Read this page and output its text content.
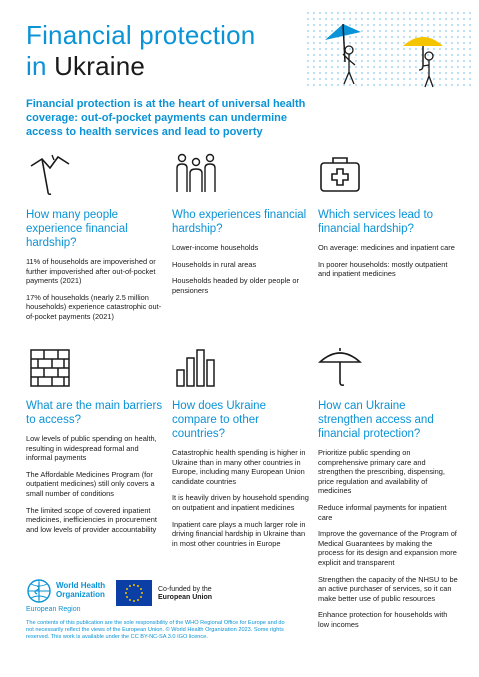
Financial protection
in Ukraine
Financial protection is at the heart of universal health coverage: out-of-pocket payments can undermine access to health services and lead to poverty
How many people experience financial hardship?
11% of households are impoverished or further impoverished after out-of-pocket payments (2021)
17% of households (nearly 2.5 million households) experience catastrophic out-of-pocket payments (2021)
Who experiences financial hardship?
Lower-income households
Households in rural areas
Households headed by older people or pensioners
Which services lead to financial hardship?
On average: medicines and inpatient care
In poorer households: mostly outpatient and inpatient medicines
What are the main barriers to access?
Low levels of public spending on health, resulting in widespread formal and informal payments
The Affordable Medicines Program (for outpatient medicines) still only covers a small number of conditions
The limited scope of covered inpatient medicines, inefficiencies in procurement and low levels of provider accountability
How does Ukraine compare to other countries?
Catastrophic health spending is higher in Ukraine than in many other countries in Europe, including many European Union candidate countries
It is heavily driven by household spending on outpatient and inpatient medicines
Inpatient care plays a much larger role in driving financial hardship in Ukraine than in most other countries in Europe
How can Ukraine strengthen access and financial protection?
Prioritize public spending on comprehensive primary care and strengthen the prescribing, dispensing, price regulation and availability of medicines
Reduce informal payments for inpatient care
Improve the governance of the Program of Medical Guarantees by making the process for its design and expansion more explicit and transparent
Strengthen the capacity of the NHSU to be an active purchaser of services, so it can make better use of public resources
Enhance protection for households with low incomes
World Health
Organization
European Region
Co-funded by the
European Union
The contents of this publication are the sole responsibility of the WHO Regional Office for Europe and do not necessarily reflect the views of the European Union. © World Health Organization 2023. Some rights reserved. This work is available under the CC BY-NC-SA 3.0 IGO licence.
